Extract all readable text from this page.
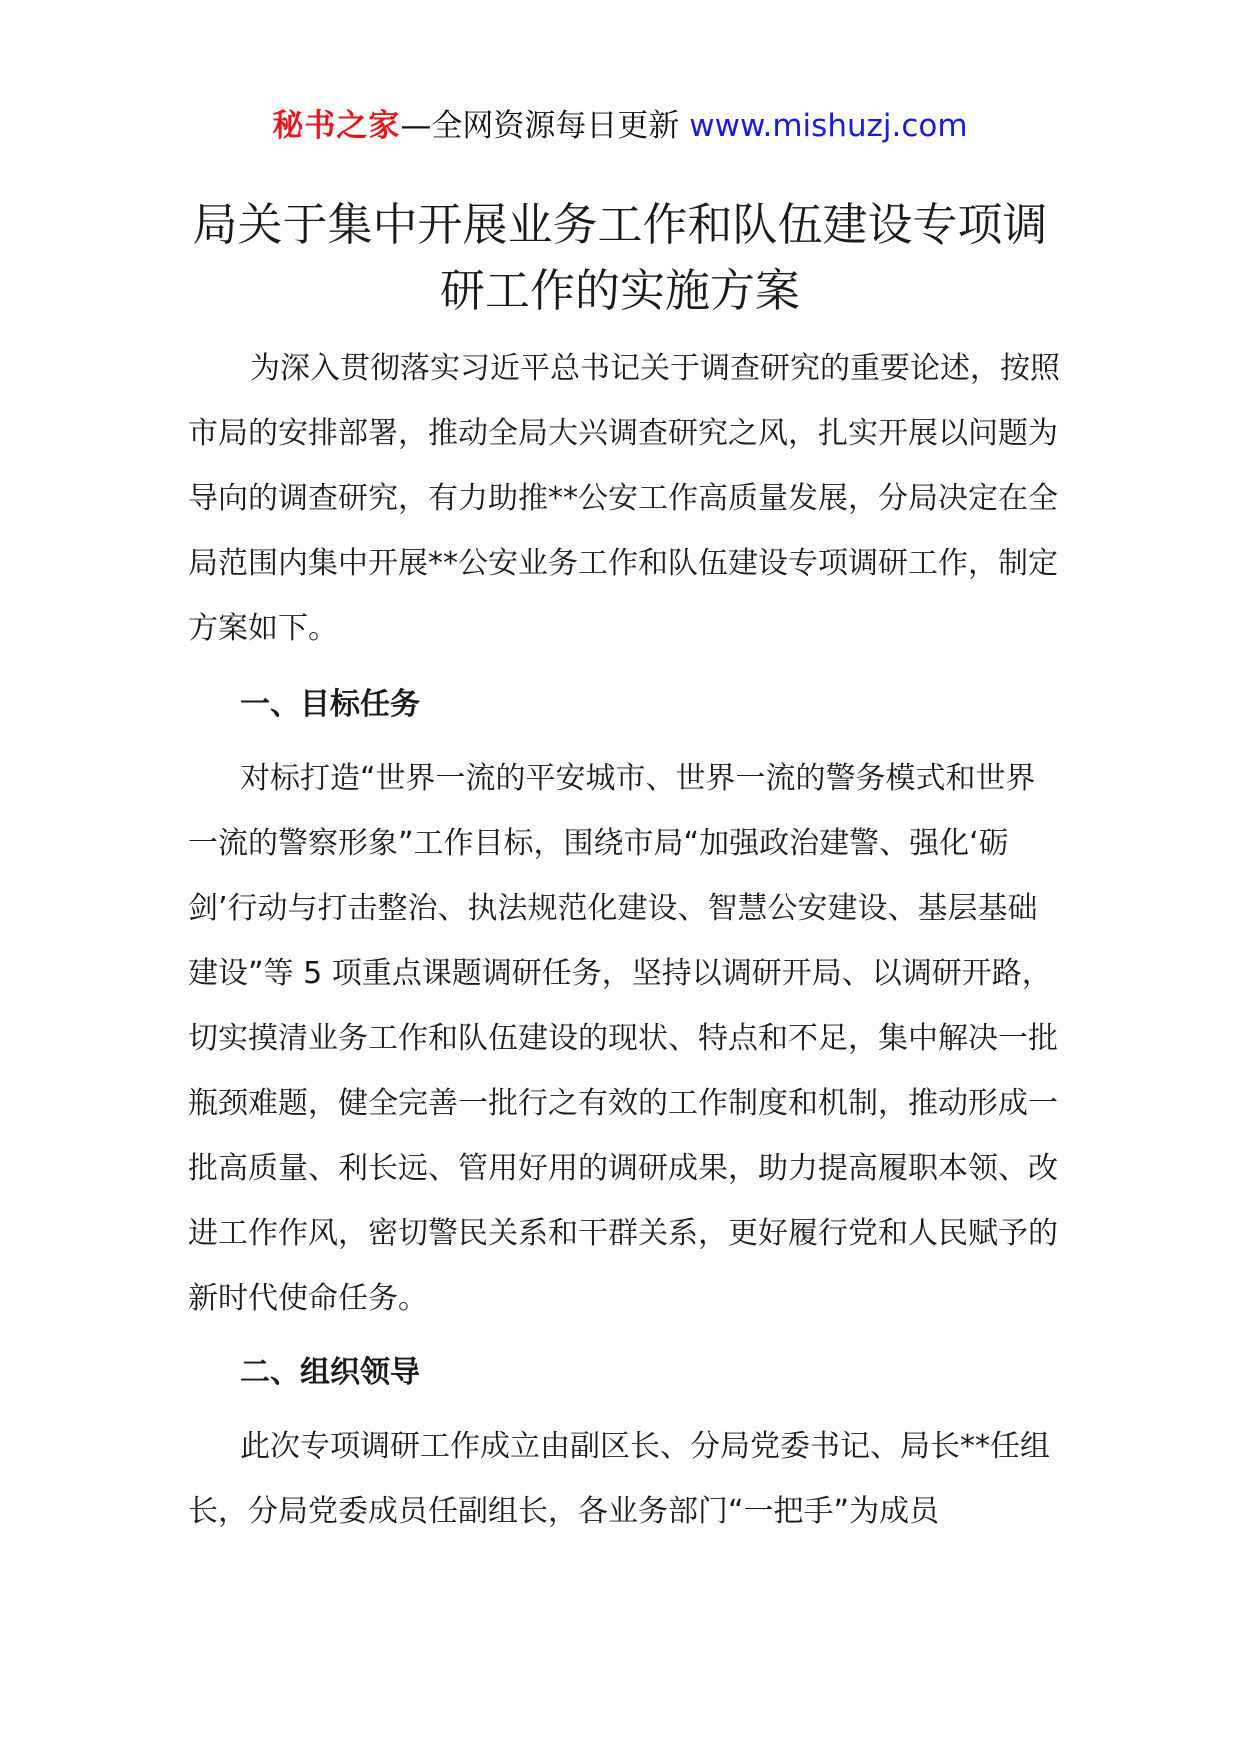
秘书之家—全网资源每日更新 www.mishuzj.com
局关于集中开展业务工作和队伍建设专项调研工作的实施方案

为深入贯彻落实习近平总书记关于调查研究的重要论述，按照市局的安排部署，推动全局大兴调查研究之风，扎实开展以问题为导向的调查研究，有力助推**公安工作高质量发展，分局决定在全局范围内集中开展**公安业务工作和队伍建设专项调研工作，制定方案如下。

一、目标任务

对标打造“世界一流的平安城市、世界一流的警务模式和世界一流的警察形象”工作目标，围绕市局“加强政治建警、强化‘砺剑’行动与打击整治、执法规范化建设、智慧公安建设、基层基础建设”等 5 项重点课题调研任务，坚持以调研开局、以调研开路，切实摸清业务工作和队伍建设的现状、特点和不足，集中解决一批瓶颈难题，健全完善一批行之有效的工作制度和机制，推动形成一批高质量、利长远、管用好用的调研成果，助力提高履职本领、改进工作作风，密切警民关系和干群关系，更好履行党和人民赋予的新时代使命任务。

二、组织领导

此次专项调研工作成立由副区长、分局党委书记、局长**任组长，分局党委成员任副组长，各业务部门“一把手”为成员
